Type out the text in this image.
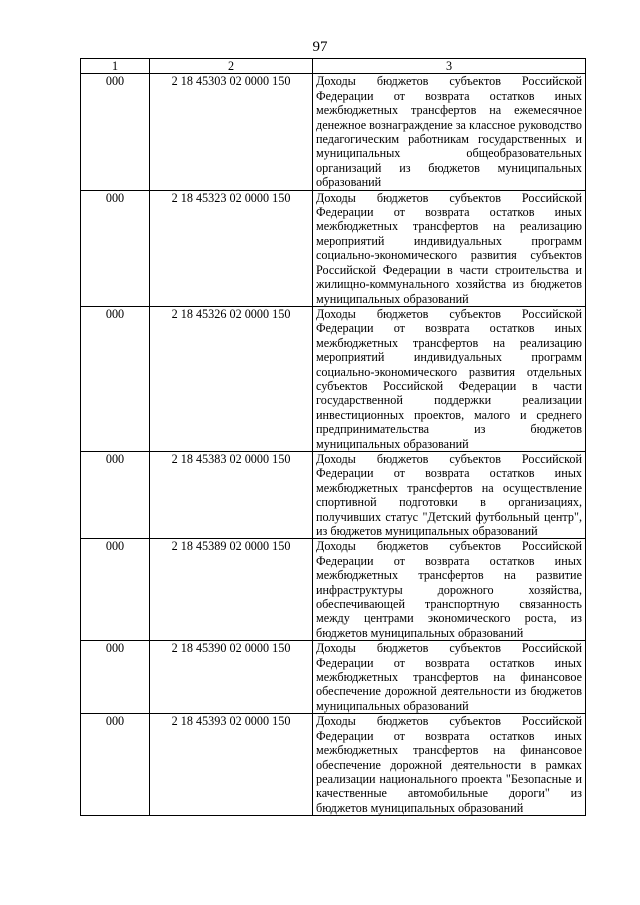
97
1	2	3
000	2 18 45303 02 0000 150	Доходы бюджетов субъектов Российской Федерации от возврата остатков иных межбюджетных трансфертов на ежемесячное денежное вознаграждение за классное руководство педагогическим работникам государственных и муниципальных общеобразовательных организаций из бюджетов муниципальных образований
000	2 18 45323 02 0000 150	Доходы бюджетов субъектов Российской Федерации от возврата остатков иных межбюджетных трансфертов на реализацию мероприятий индивидуальных программ социально-экономического развития субъектов Российской Федерации в части строительства и жилищно-коммунального хозяйства из бюджетов муниципальных образований
000	2 18 45326 02 0000 150	Доходы бюджетов субъектов Российской Федерации от возврата остатков иных межбюджетных трансфертов на реализацию мероприятий индивидуальных программ социально-экономического развития отдельных субъектов Российской Федерации в части государственной поддержки реализации инвестиционных проектов, малого и среднего предпринимательства из бюджетов муниципальных образований
000	2 18 45383 02 0000 150	Доходы бюджетов субъектов Российской Федерации от возврата остатков иных межбюджетных трансфертов на осуществление спортивной подготовки в организациях, получивших статус "Детский футбольный центр", из бюджетов муниципальных образований
000	2 18 45389 02 0000 150	Доходы бюджетов субъектов Российской Федерации от возврата остатков иных межбюджетных трансфертов на развитие инфраструктуры дорожного хозяйства, обеспечивающей транспортную связанность между центрами экономического роста, из бюджетов муниципальных образований
000	2 18 45390 02 0000 150	Доходы бюджетов субъектов Российской Федерации от возврата остатков иных межбюджетных трансфертов на финансовое обеспечение дорожной деятельности из бюджетов муниципальных образований
000	2 18 45393 02 0000 150	Доходы бюджетов субъектов Российской Федерации от возврата остатков иных межбюджетных трансфертов на финансовое обеспечение дорожной деятельности в рамках реализации национального проекта "Безопасные и качественные автомобильные дороги" из бюджетов муниципальных образований
